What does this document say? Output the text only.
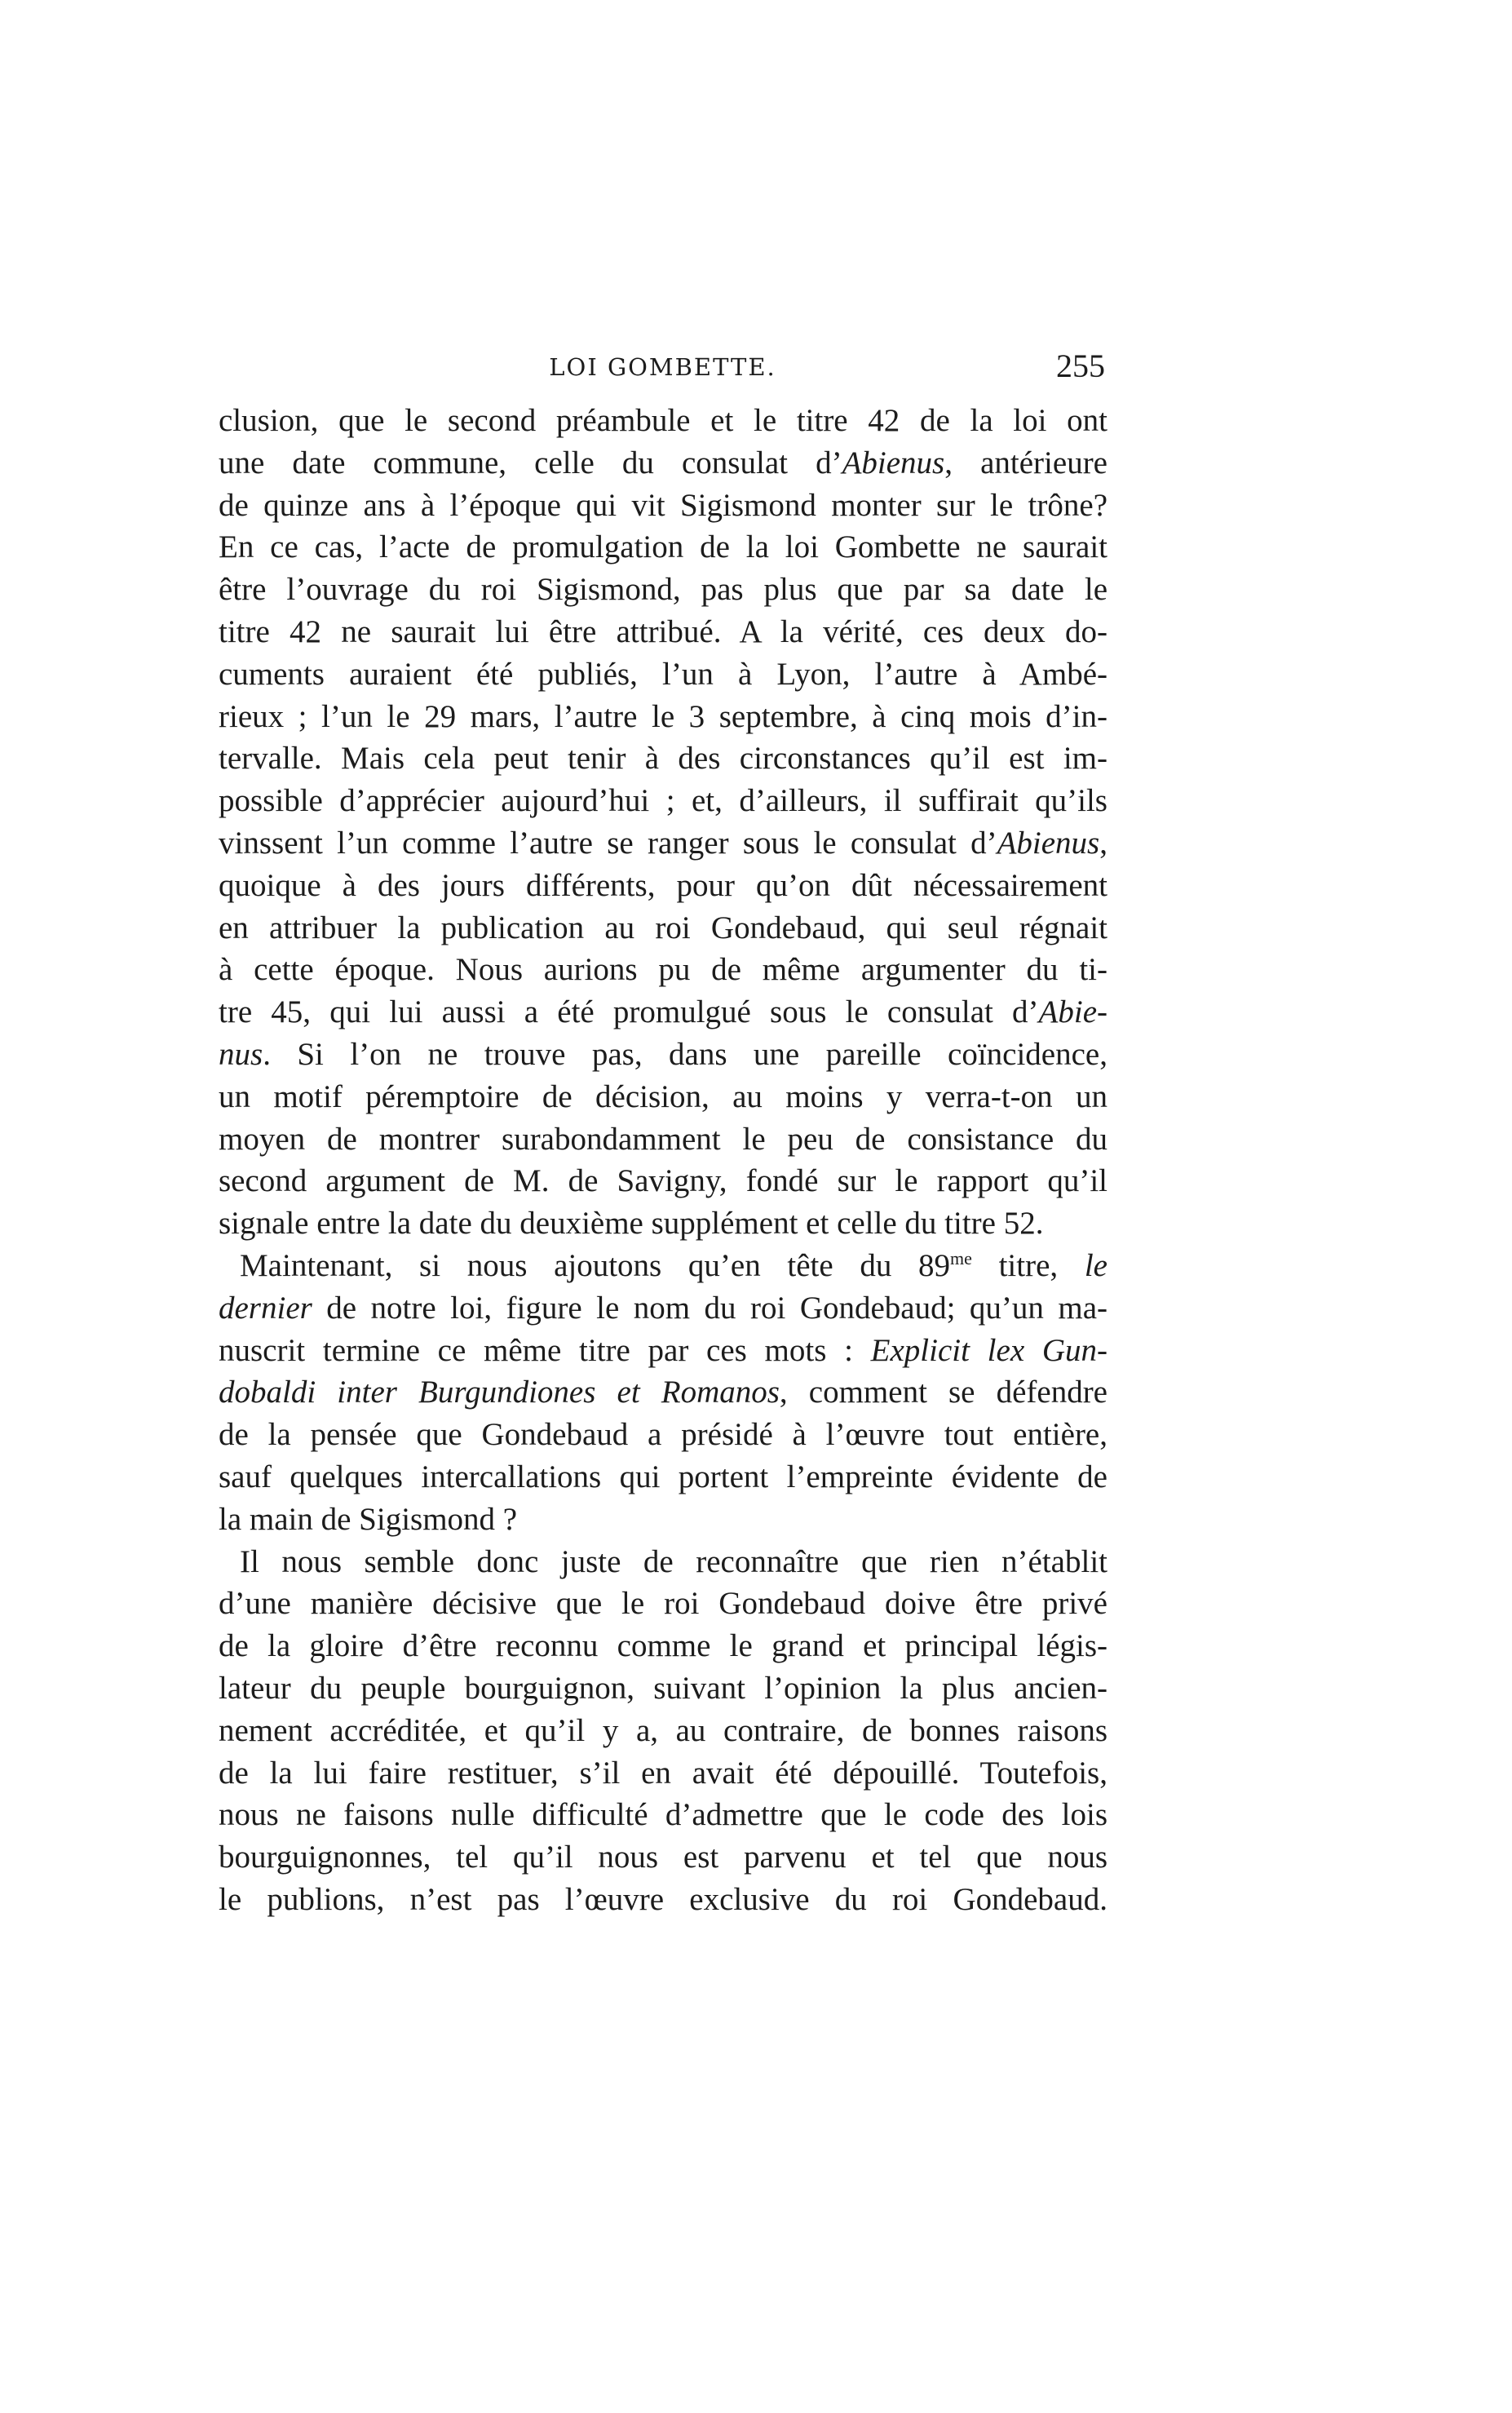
LOI GOMBETTE.	255

clusion, que le second préambule et le titre 42 de la loi ont
une date commune, celle du consulat d’Abienus, antérieure
de quinze ans à l’époque qui vit Sigismond monter sur le trône?
En ce cas, l’acte de promulgation de la loi Gombette ne saurait
être l’ouvrage du roi Sigismond, pas plus que par sa date le
titre 42 ne saurait lui être attribué. A la vérité, ces deux do-
cuments auraient été publiés, l’un à Lyon, l’autre à Ambé-
rieux ; l’un le 29 mars, l’autre le 3 septembre, à cinq mois d’in-
tervalle. Mais cela peut tenir à des circonstances qu’il est im-
possible d’apprécier aujourd’hui ; et, d’ailleurs, il suffirait qu’ils
vinssent l’un comme l’autre se ranger sous le consulat d’Abienus,
quoique à des jours différents, pour qu’on dût nécessairement
en attribuer la publication au roi Gondebaud, qui seul régnait
à cette époque. Nous aurions pu de même argumenter du ti-
tre 45, qui lui aussi a été promulgué sous le consulat d’Abie-
nus. Si l’on ne trouve pas, dans une pareille coïncidence,
un motif péremptoire de décision, au moins y verra-t-on un
moyen de montrer surabondamment le peu de consistance du
second argument de M. de Savigny, fondé sur le rapport qu’il
signale entre la date du deuxième supplément et celle du titre 52.

Maintenant, si nous ajoutons qu’en tête du $89^{me}$ titre, le
dernier de notre loi, figure le nom du roi Gondebaud; qu’un ma-
nuscrit termine ce même titre par ces mots : Explicit lex Gun-
dobaldi inter Burgundiones et Romanos, comment se défendre
de la pensée que Gondebaud a présidé à l’œuvre tout entière,
sauf quelques intercallations qui portent l’empreinte évidente de
la main de Sigismond ?

Il nous semble donc juste de reconnaître que rien n’établit
d’une manière décisive que le roi Gondebaud doive être privé
de la gloire d’être reconnu comme le grand et principal légis-
lateur du peuple bourguignon, suivant l’opinion la plus ancien-
nement accréditée, et qu’il y a, au contraire, de bonnes raisons
de la lui faire restituer, s’il en avait été dépouillé. Toutefois,
nous ne faisons nulle difficulté d’admettre que le code des lois
bourguignonnes, tel qu’il nous est parvenu et tel que nous
le publions, n’est pas l’œuvre exclusive du roi Gondebaud.
